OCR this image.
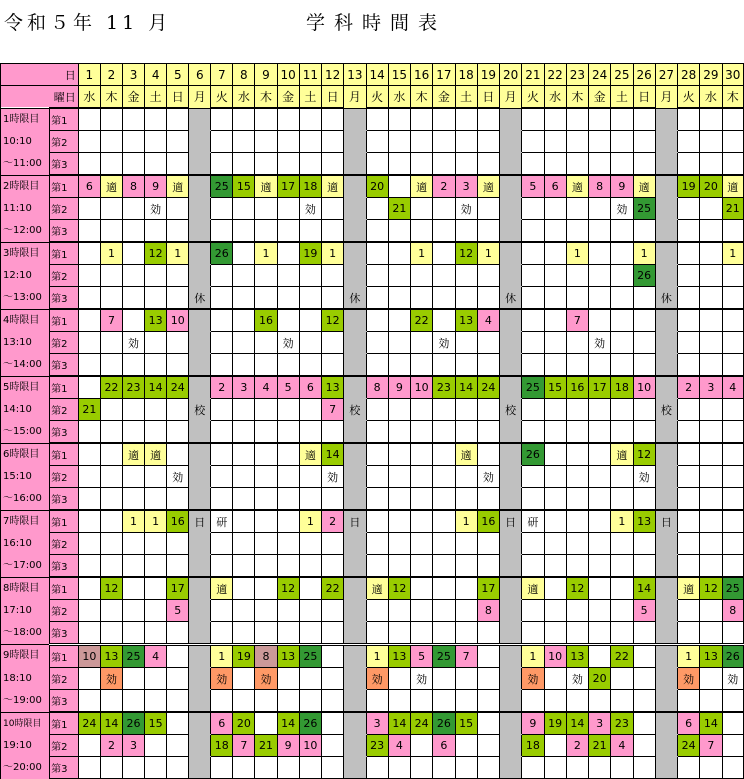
令和５年 11 月	学科時間表
日		1	2	3	4	5	6	7	8	9	10	11	12	13	14	15	16	17	18	19	20	21	22	23	24	25	26	27	28	29	30
曜日		水	木	金	土	日	月	火	水	木	金	土	日	月	火	水	木	金	土	日	月	火	水	木	金	土	日	月	火	水	木
1時限目	第1																														
10:10	第2																														
～11:00	第3																														
2時限目	第1	6	適	8	9	適		25	15	適	17	18	適		20		適	2	3	適		5	6	適	8	9	適		19	20	適
11:10	第2				効							効				21			効							効	25				21
～12:00	第3																														
3時限目	第1		1		12	1		26		1		19	1				1		12	1				1			1				1
12:10	第2																										26				
～13:00	第3						休							休							休							休			
4時限目	第1		7		13	10				16			12				22		13	4				7							
13:10	第2			効							効							効							効						
～14:00	第3																														
5時限目	第1		22	23	14	24		2	3	4	5	6	13		8	9	10	23	14	24		25	15	16	17	18	10		2	3	4
14:10	第2	21					校						7	校							校							校			
～15:00	第3																														
6時限目	第1			適	適							適	14						適			26				適	12				
15:10	第2					効							効							効							効				
～16:00	第3																														
7時限目	第1			1	1	16	日	研				1	2	日					1	16	日	研				1	13	日			
16:10	第2																														
～17:00	第3																														
8時限目	第1		12			17		適			12		22		適	12				17		適		12			14		適	12	25
17:10	第2					5														8							5				8
～18:00	第3																														
9時限目	第1	10	13	25	4			1	19	8	13	25			1	13	5	25	7			1	10	13		22			1	13	26
18:10	第2		効					効		効					効		効					効		効	20				効		効
～19:00	第3																														
10時限目	第1	24	14	26	15			6	20		14	26			3	14	24	26	15			9	19	14	3	23			6	14	
19:10	第2		2	3				18	7	21	9	10			23	4		6				18		2	21	4			24	7	
～20:00	第3																														
